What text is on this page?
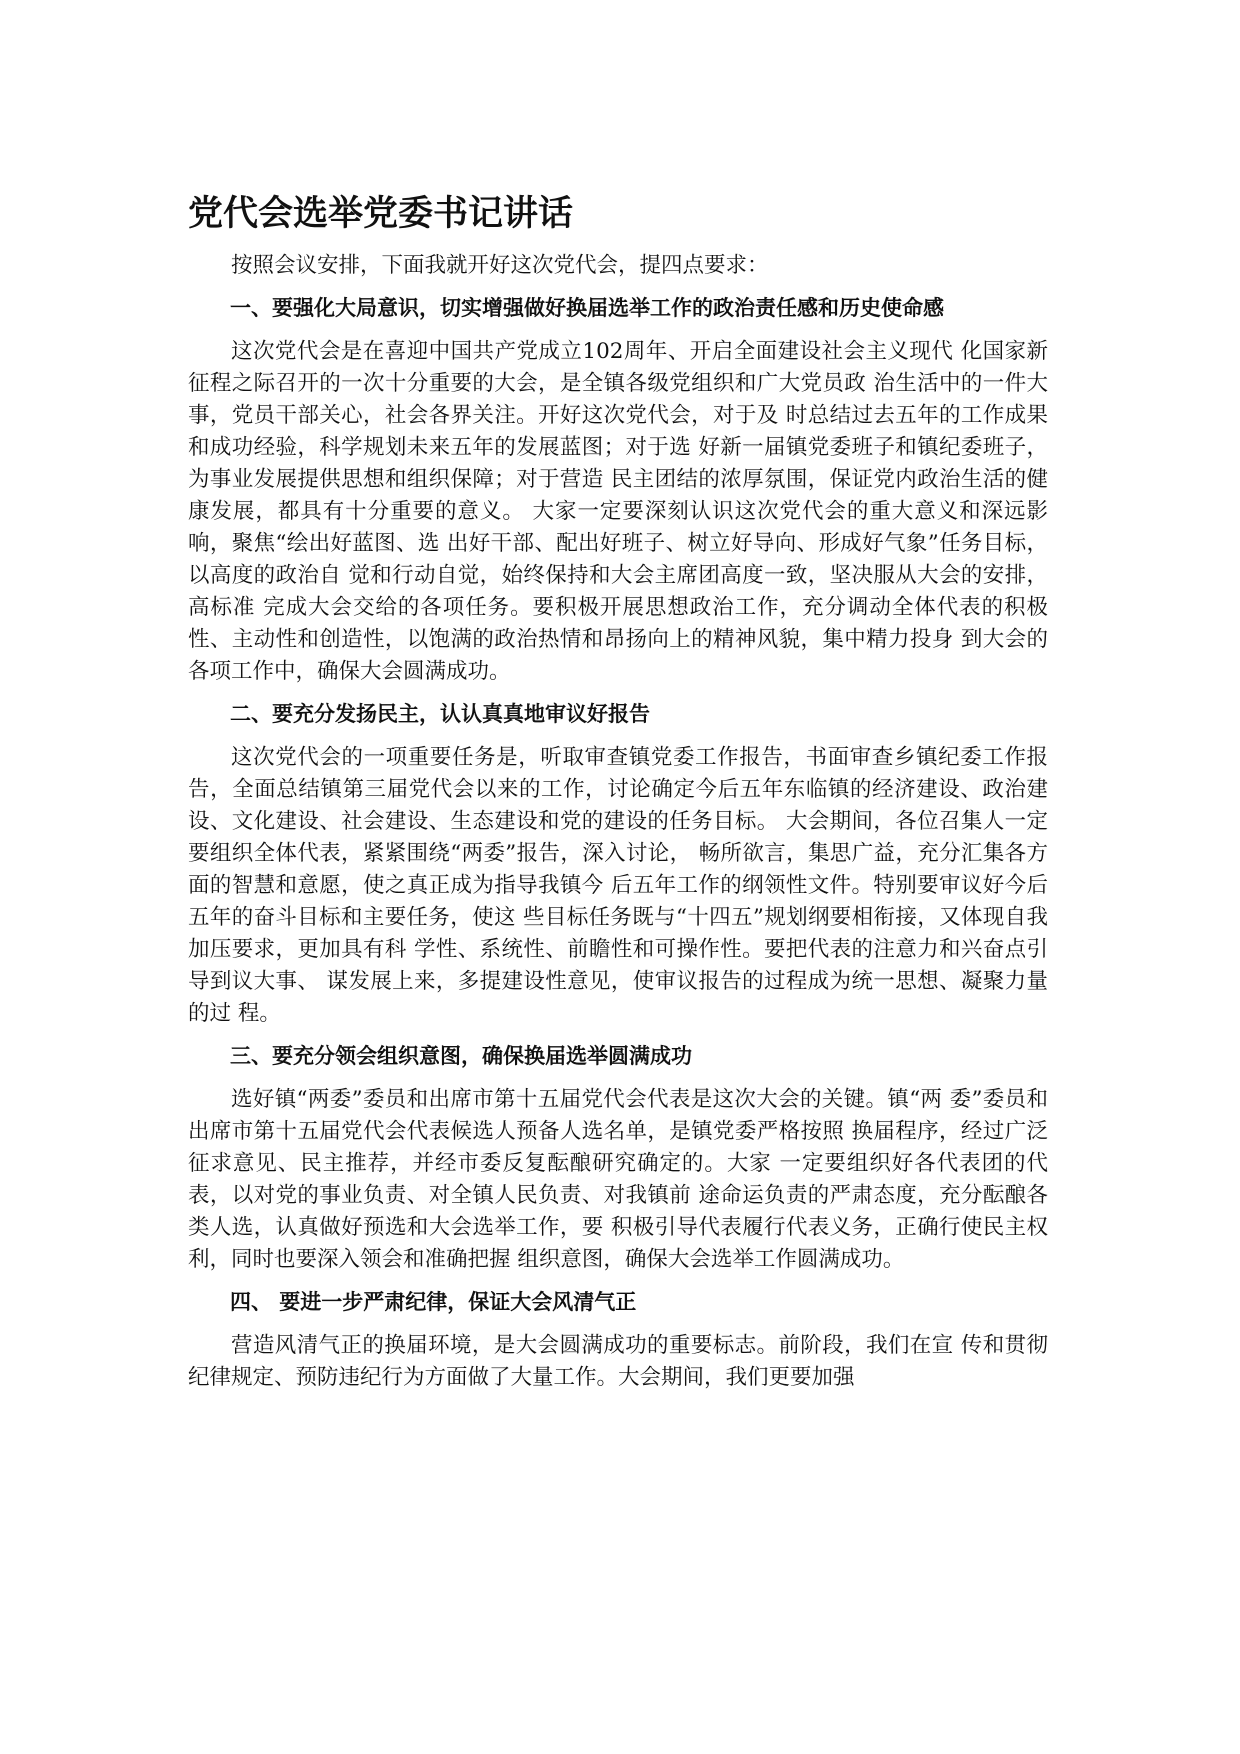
党代会选举党委书记讲话

按照会议安排，下面我就开好这次党代会，提四点要求：

一、要强化大局意识，切实增强做好换届选举工作的政治责任感和历史使命感

这次党代会是在喜迎中国共产党成立102周年、开启全面建设社会主义现代 化国家新征程之际召开的一次十分重要的大会，是全镇各级党组织和广大党员政 治生活中的一件大事，党员干部关心，社会各界关注。开好这次党代会，对于及 时总结过去五年的工作成果和成功经验，科学规划未来五年的发展蓝图；对于选 好新一届镇党委班子和镇纪委班子，为事业发展提供思想和组织保障；对于营造 民主团结的浓厚氛围，保证党内政治生活的健康发展，都具有十分重要的意义。 大家一定要深刻认识这次党代会的重大意义和深远影响，聚焦“绘出好蓝图、选 出好干部、配出好班子、树立好导向、形成好气象”任务目标，以高度的政治自 觉和行动自觉，始终保持和大会主席团高度一致，坚决服从大会的安排，高标准 完成大会交给的各项任务。要积极开展思想政治工作，充分调动全体代表的积极 性、主动性和创造性，以饱满的政治热情和昂扬向上的精神风貌，集中精力投身 到大会的各项工作中，确保大会圆满成功。

二、要充分发扬民主，认认真真地审议好报告

这次党代会的一项重要任务是，听取审查镇党委工作报告，书面审查乡镇纪委工作报告，全面总结镇第三届党代会以来的工作，讨论确定今后五年东临镇的经济建设、政治建设、文化建设、社会建设、生态建设和党的建设的任务目标。 大会期间，各位召集人一定要组织全体代表，紧紧围绕“两委”报告，深入讨论， 畅所欲言，集思广益，充分汇集各方面的智慧和意愿，使之真正成为指导我镇今 后五年工作的纲领性文件。特别要审议好今后五年的奋斗目标和主要任务，使这 些目标任务既与“十四五”规划纲要相衔接，又体现自我加压要求，更加具有科 学性、系统性、前瞻性和可操作性。要把代表的注意力和兴奋点引导到议大事、 谋发展上来，多提建设性意见，使审议报告的过程成为统一思想、凝聚力量的过 程。

三、要充分领会组织意图，确保换届选举圆满成功

选好镇“两委”委员和出席市第十五届党代会代表是这次大会的关键。镇“两 委”委员和出席市第十五届党代会代表候选人预备人选名单，是镇党委严格按照 换届程序，经过广泛征求意见、民主推荐，并经市委反复酝酿研究确定的。大家 一定要组织好各代表团的代表，以对党的事业负责、对全镇人民负责、对我镇前 途命运负责的严肃态度，充分酝酿各类人选，认真做好预选和大会选举工作，要 积极引导代表履行代表义务，正确行使民主权利，同时也要深入领会和准确把握 组织意图，确保大会选举工作圆满成功。

四、 要进一步严肃纪律，保证大会风清气正

营造风清气正的换届环境，是大会圆满成功的重要标志。前阶段，我们在宣 传和贯彻纪律规定、预防违纪行为方面做了大量工作。大会期间，我们更要加强
